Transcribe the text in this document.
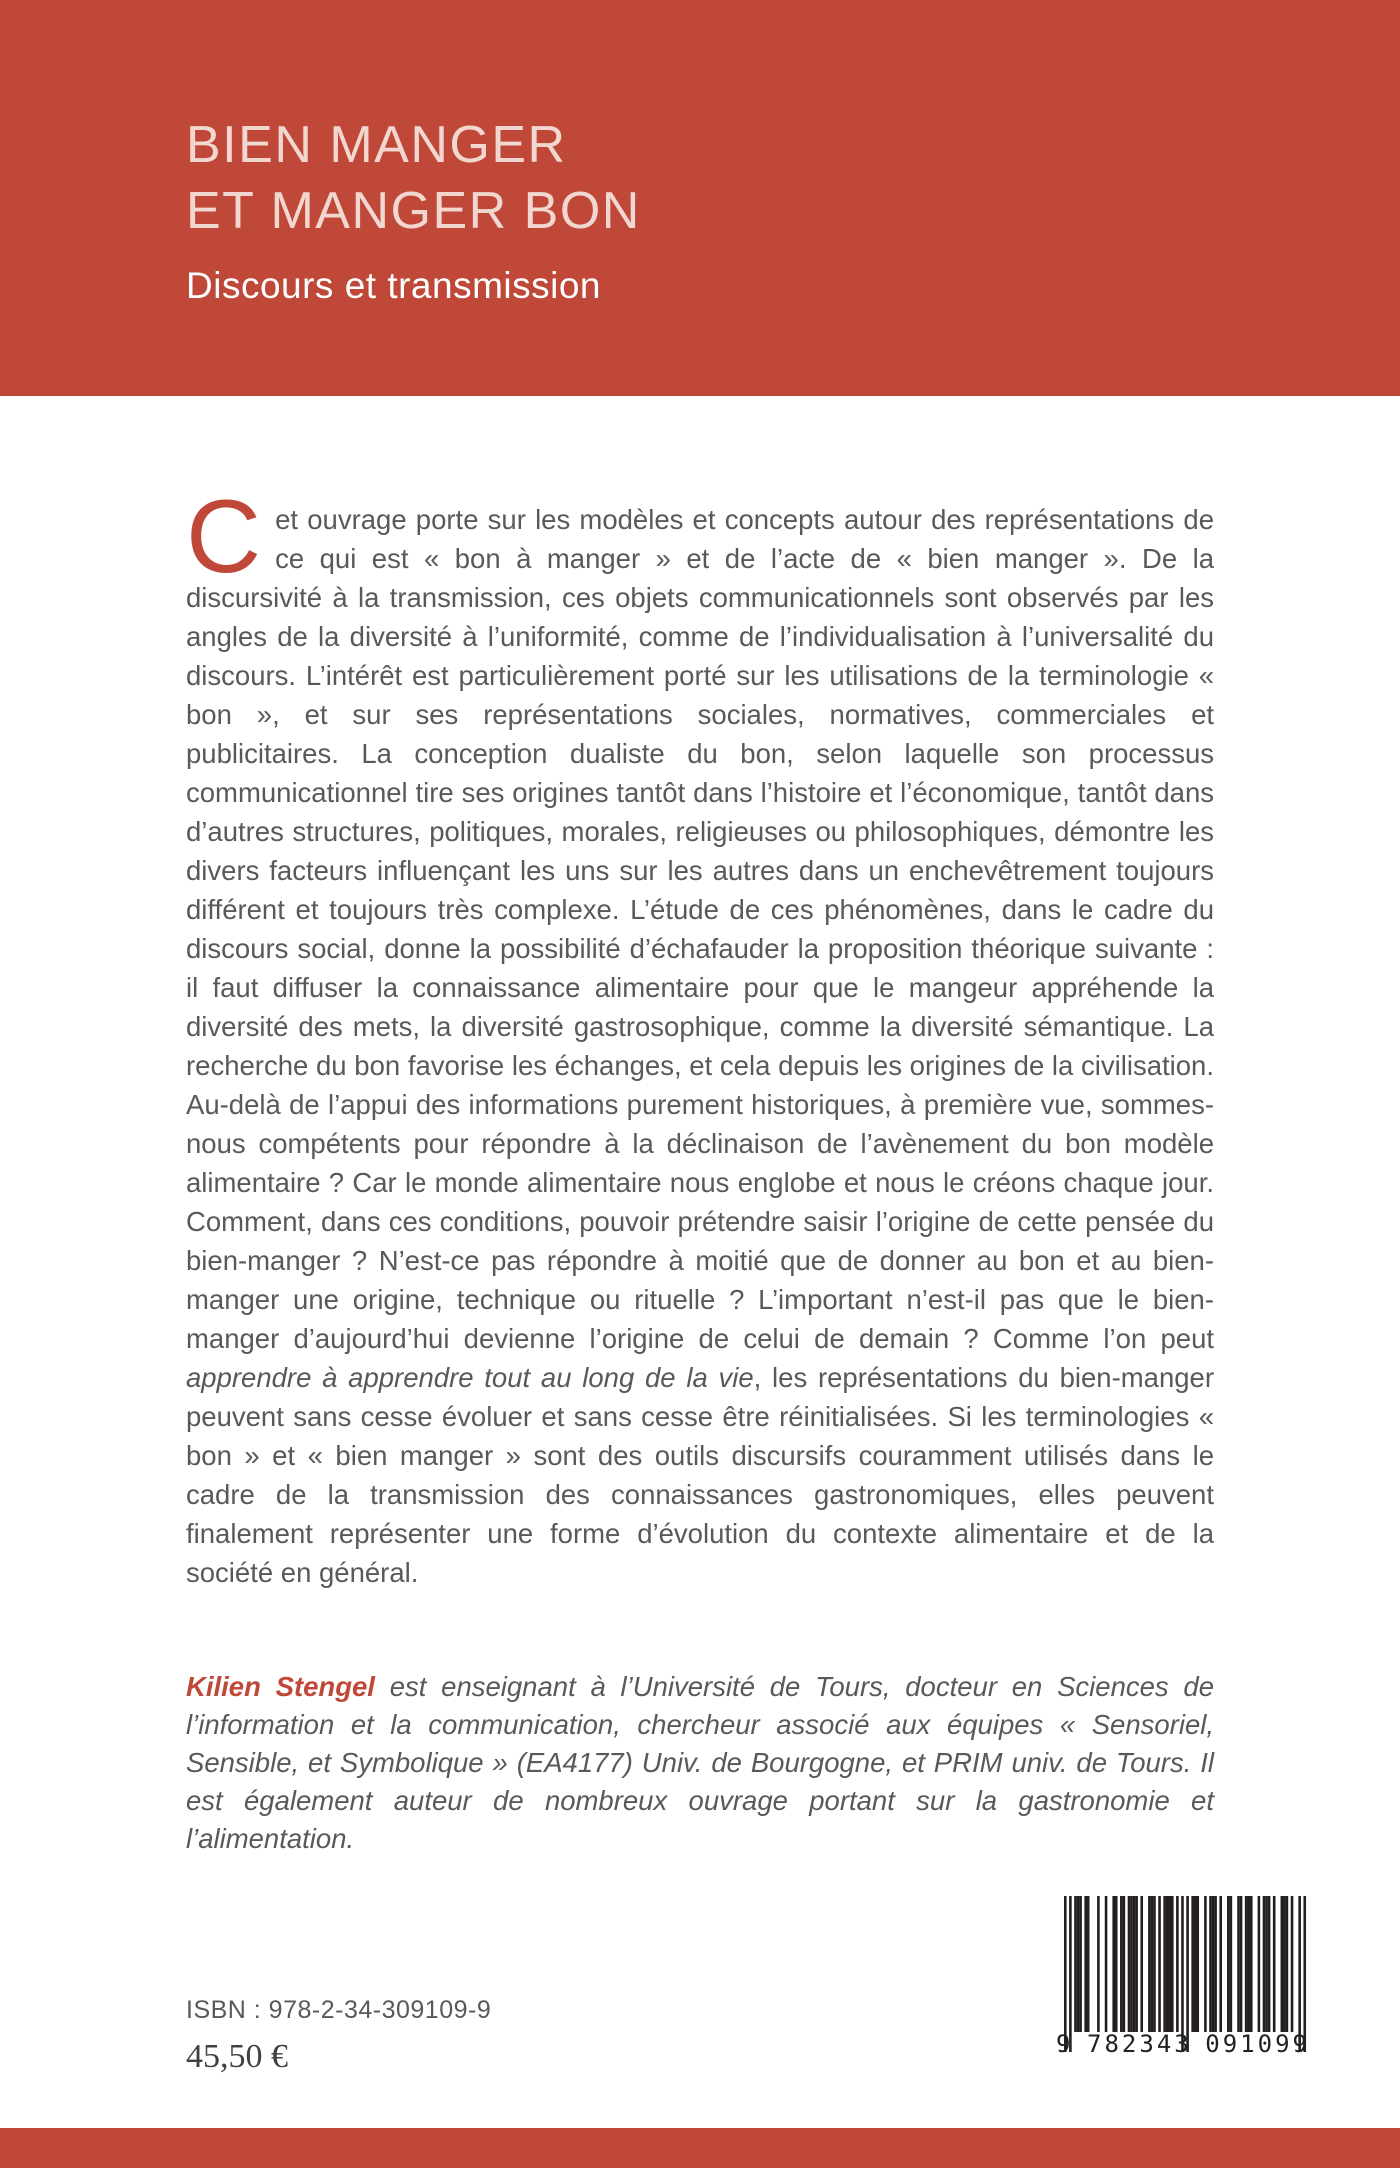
BIEN MANGER
ET MANGER BON
Discours et transmission
C et ouvrage porte sur les modèles et concepts autour des représentations de ce qui est « bon à manger » et de l’acte de « bien manger ». De la discursivité à la transmission, ces objets communicationnels sont observés par les angles de la diversité à l’uniformité, comme de l’individualisation à l’universalité du discours. L’intérêt est particulièrement porté sur les utilisations de la terminologie « bon », et sur ses représentations sociales, normatives, commerciales et publicitaires. La conception dualiste du bon, selon laquelle son processus communicationnel tire ses origines tantôt dans l’histoire et l’économique, tantôt dans d’autres structures, politiques, morales, religieuses ou philosophiques, démontre les divers facteurs influençant les uns sur les autres dans un enchevêtrement toujours différent et toujours très complexe. L’étude de ces phénomènes, dans le cadre du discours social, donne la possibilité d’échafauder la proposition théorique suivante : il faut diffuser la connaissance alimentaire pour que le mangeur appréhende la diversité des mets, la diversité gastrosophique, comme la diversité sémantique. La recherche du bon favorise les échanges, et cela depuis les origines de la civilisation. Au-delà de l’appui des informations purement historiques, à première vue, sommes-nous compétents pour répondre à la déclinaison de l’avènement du bon modèle alimentaire ? Car le monde alimentaire nous englobe et nous le créons chaque jour. Comment, dans ces conditions, pouvoir prétendre saisir l’origine de cette pensée du bien-manger ? N’est-ce pas répondre à moitié que de donner au bon et au bien-manger une origine, technique ou rituelle ? L’important n’est-il pas que le bien-manger d’aujourd’hui devienne l’origine de celui de demain ? Comme l’on peut apprendre à apprendre tout au long de la vie, les représentations du bien-manger peuvent sans cesse évoluer et sans cesse être réinitialisées. Si les terminologies « bon » et « bien manger » sont des outils discursifs couramment utilisés dans le cadre de la transmission des connaissances gastronomiques, elles peuvent finalement représenter une forme d’évolution du contexte alimentaire et de la société en général.
Kilien Stengel est enseignant à l’Université de Tours, docteur en Sciences de l’information et la communication, chercheur associé aux équipes « Sensoriel, Sensible, et Symbolique » (EA4177) Univ. de Bourgogne, et PRIM univ. de Tours. Il est également auteur de nombreux ouvrage portant sur la gastronomie et l’alimentation.
ISBN : 978-2-34-309109-9
45,50 €	9 782343 091099
